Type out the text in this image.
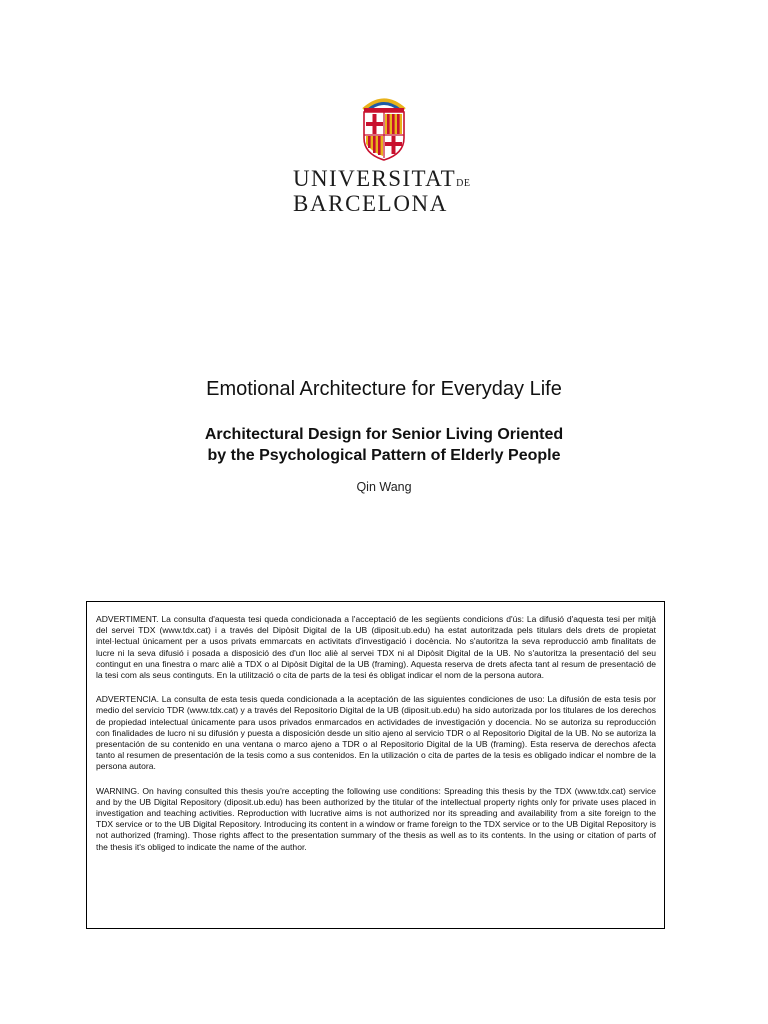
UNIVERSITATDE
BARCELONA
Emotional Architecture for Everyday Life
Architectural Design for Senior Living Oriented
by the Psychological Pattern of Elderly People
Qin Wang

ADVERTIMENT. La consulta d'aquesta tesi queda condicionada a l'acceptació de les següents condicions d'ús: La difusió d'aquesta tesi per mitjà del servei TDX (www.tdx.cat) i a través del Dipòsit Digital de la UB (diposit.ub.edu) ha estat autoritzada pels titulars dels drets de propietat intel·lectual únicament per a usos privats emmarcats en activitats d'investigació i docència. No s'autoritza la seva reproducció amb finalitats de lucre ni la seva difusió i posada a disposició des d'un lloc aliè al servei TDX ni al Dipòsit Digital de la UB. No s'autoritza la presentació del seu contingut en una finestra o marc aliè a TDX o al Dipòsit Digital de la UB (framing). Aquesta reserva de drets afecta tant al resum de presentació de la tesi com als seus continguts. En la utilització o cita de parts de la tesi és obligat indicar el nom de la persona autora.

ADVERTENCIA. La consulta de esta tesis queda condicionada a la aceptación de las siguientes condiciones de uso: La difusión de esta tesis por medio del servicio TDR (www.tdx.cat) y a través del Repositorio Digital de la UB (diposit.ub.edu) ha sido autorizada por los titulares de los derechos de propiedad intelectual únicamente para usos privados enmarcados en actividades de investigación y docencia. No se autoriza su reproducción con finalidades de lucro ni su difusión y puesta a disposición desde un sitio ajeno al servicio TDR o al Repositorio Digital de la UB. No se autoriza la presentación de su contenido en una ventana o marco ajeno a TDR o al Repositorio Digital de la UB (framing). Esta reserva de derechos afecta tanto al resumen de presentación de la tesis como a sus contenidos. En la utilización o cita de partes de la tesis es obligado indicar el nombre de la persona autora.

WARNING. On having consulted this thesis you're accepting the following use conditions: Spreading this thesis by the TDX (www.tdx.cat) service and by the UB Digital Repository (diposit.ub.edu) has been authorized by the titular of the intellectual property rights only for private uses placed in investigation and teaching activities. Reproduction with lucrative aims is not authorized nor its spreading and availability from a site foreign to the TDX service or to the UB Digital Repository. Introducing its content in a window or frame foreign to the TDX service or to the UB Digital Repository is not authorized (framing). Those rights affect to the presentation summary of the thesis as well as to its contents. In the using or citation of parts of the thesis it's obliged to indicate the name of the author.
